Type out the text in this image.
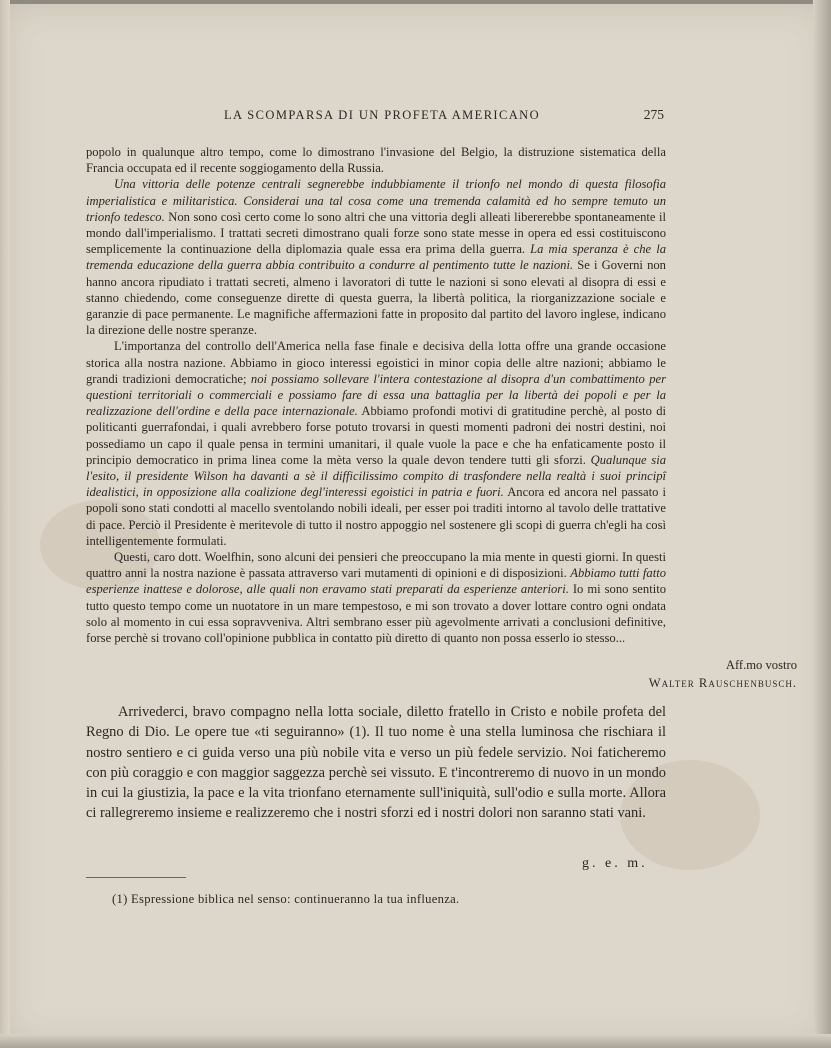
LA SCOMPARSA DI UN PROFETA AMERICANO	275

popolo in qualunque altro tempo, come lo dimostrano l'invasione del Belgio, la distruzione sistematica della Francia occupata ed il recente soggiogamento della Russia.

Una vittoria delle potenze centrali segnerebbe indubbiamente il trionfo nel mondo di questa filosofia imperialistica e militaristica. Considerai una tal cosa come una tremenda calamità ed ho sempre temuto un trionfo tedesco. Non sono così certo come lo sono altri che una vittoria degli alleati libererebbe spontaneamente il mondo dall'imperialismo. I trattati secreti dimostrano quali forze sono state messe in opera ed essi costituiscono semplicemente la continuazione della diplomazia quale essa era prima della guerra. La mia speranza è che la tremenda educazione della guerra abbia contribuito a condurre al pentimento tutte le nazioni. Se i Governi non hanno ancora ripudiato i trattati secreti, almeno i lavoratori di tutte le nazioni si sono elevati al disopra di essi e stanno chiedendo, come conseguenze dirette di questa guerra, la libertà politica, la riorganizzazione sociale e garanzie di pace permanente. Le magnifiche affermazioni fatte in proposito dal partito del lavoro inglese, indicano la direzione delle nostre speranze.

L'importanza del controllo dell'America nella fase finale e decisiva della lotta offre una grande occasione storica alla nostra nazione. Abbiamo in gioco interessi egoistici in minor copia delle altre nazioni; abbiamo le grandi tradizioni democratiche; noi possiamo sollevare l'intera contestazione al disopra d'un combattimento per questioni territoriali o commerciali e possiamo fare di essa una battaglia per la libertà dei popoli e per la realizzazione dell'ordine e della pace internazionale. Abbiamo profondi motivi di gratitudine perchè, al posto di politicanti guerrafondai, i quali avrebbero forse potuto trovarsi in questi momenti padroni dei nostri destini, noi possediamo un capo il quale pensa in termini umanitari, il quale vuole la pace e che ha enfaticamente posto il principio democratico in prima linea come la mèta verso la quale devon tendere tutti gli sforzi. Qualunque sia l'esito, il presidente Wilson ha davanti a sè il difficilissimo compito di trasfondere nella realtà i suoi principî idealistici, in opposizione alla coalizione degl'interessi egoistici in patria e fuori. Ancora ed ancora nel passato i popoli sono stati condotti al macello sventolando nobili ideali, per esser poi traditi intorno al tavolo delle trattative di pace. Perciò il Presidente è meritevole di tutto il nostro appoggio nel sostenere gli scopi di guerra ch'egli ha così intelligentemente formulati.

Questi, caro dott. Woelfhin, sono alcuni dei pensieri che preoccupano la mia mente in questi giorni. In questi quattro anni la nostra nazione è passata attraverso vari mutamenti di opinioni e di disposizioni. Abbiamo tutti fatto esperienze inattese e dolorose, alle quali non eravamo stati preparati da esperienze anteriori. Io mi sono sentito tutto questo tempo come un nuotatore in un mare tempestoso, e mi son trovato a dover lottare contro ogni ondata solo al momento in cui essa sopravveniva. Altri sembrano esser più agevolmente arrivati a conclusioni definitive, forse perchè si trovano coll'opinione pubblica in contatto più diretto di quanto non possa esserlo io stesso...

Aff.mo vostro
Walter Rauschenbusch.

Arrivederci, bravo compagno nella lotta sociale, diletto fratello in Cristo e nobile profeta del Regno di Dio. Le opere tue «ti seguiranno» (1). Il tuo nome è una stella luminosa che rischiara il nostro sentiero e ci guida verso una più nobile vita e verso un più fedele servizio. Noi faticheremo con più coraggio e con maggior saggezza perchè sei vissuto. E t'incontreremo di nuovo in un mondo in cui la giustizia, la pace e la vita trionfano eternamente sull'iniquità, sull'odio e sulla morte. Allora ci rallegreremo insieme e realizzeremo che i nostri sforzi ed i nostri dolori non saranno stati vani.

g. e. m.
(1) Espressione biblica nel senso: continueranno la tua influenza.
